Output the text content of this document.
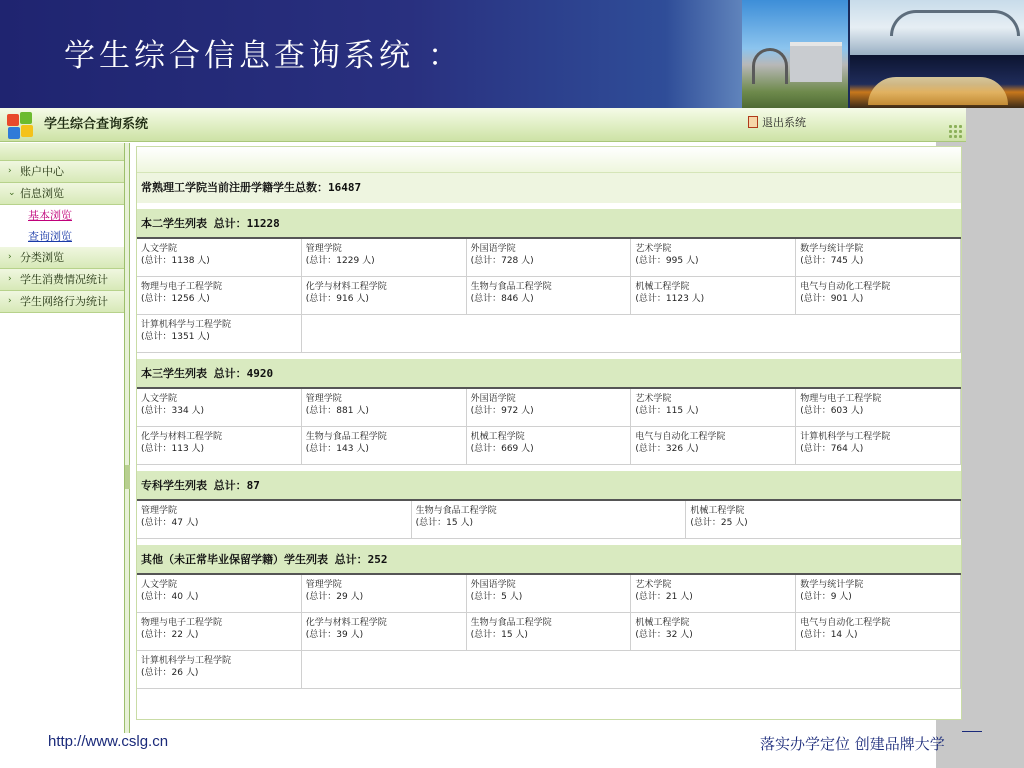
学生综合信息查询系统 ：
学生综合查询系统	退出系统
› 账户中心
⌄ 信息浏览
基本浏览
查询浏览
› 分类浏览
› 学生消费情况统计
› 学生网络行为统计
常熟理工学院当前注册学籍学生总数：16487
本二学生列表 总计：11228
人文学院
(总计：1138 人)
管理学院
(总计：1229 人)
外国语学院
(总计：728 人)
艺术学院
(总计：995 人)
数学与统计学院
(总计：745 人)
物理与电子工程学院
(总计：1256 人)
化学与材料工程学院
(总计：916 人)
生物与食品工程学院
(总计：846 人)
机械工程学院
(总计：1123 人)
电气与自动化工程学院
(总计：901 人)
计算机科学与工程学院
(总计：1351 人)
本三学生列表 总计：4920
人文学院
(总计：334 人)
管理学院
(总计：881 人)
外国语学院
(总计：972 人)
艺术学院
(总计：115 人)
物理与电子工程学院
(总计：603 人)
化学与材料工程学院
(总计：113 人)
生物与食品工程学院
(总计：143 人)
机械工程学院
(总计：669 人)
电气与自动化工程学院
(总计：326 人)
计算机科学与工程学院
(总计：764 人)
专科学生列表 总计：87
管理学院
(总计：47 人)
生物与食品工程学院
(总计：15 人)
机械工程学院
(总计：25 人)
其他（未正常毕业保留学籍）学生列表 总计：252
人文学院
(总计：40 人)
管理学院
(总计：29 人)
外国语学院
(总计：5 人)
艺术学院
(总计：21 人)
数学与统计学院
(总计：9 人)
物理与电子工程学院
(总计：22 人)
化学与材料工程学院
(总计：39 人)
生物与食品工程学院
(总计：15 人)
机械工程学院
(总计：32 人)
电气与自动化工程学院
(总计：14 人)
计算机科学与工程学院
(总计：26 人)
http://www.cslg.cn	落实办学定位 创建品牌大学
